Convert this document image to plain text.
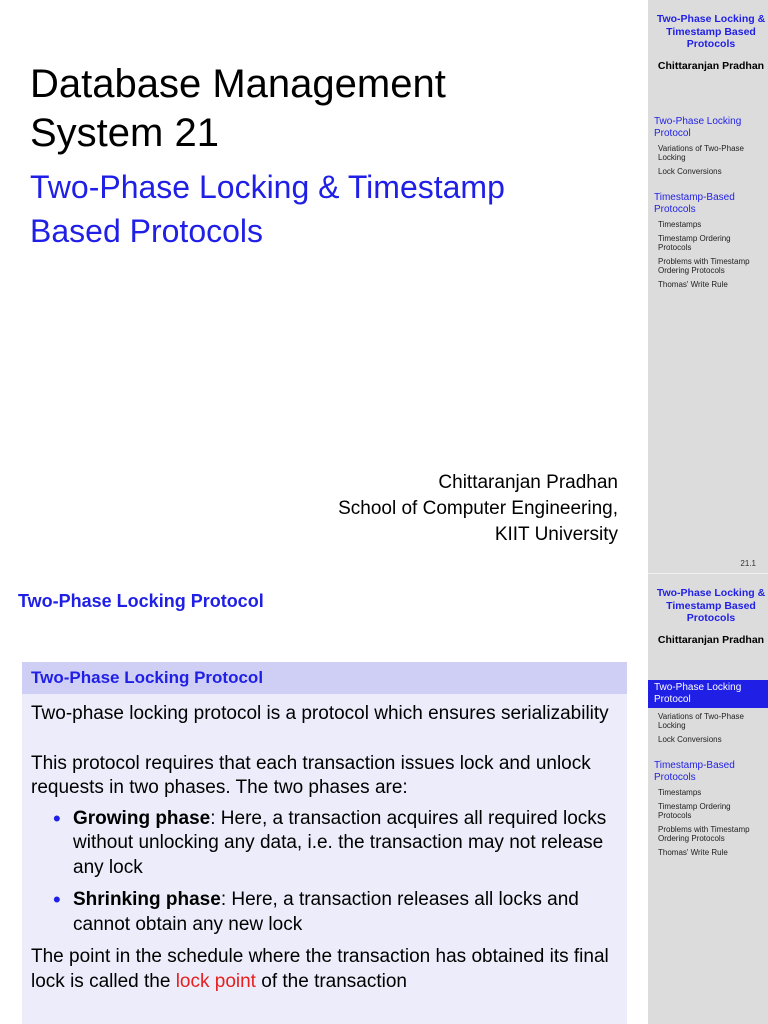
Database Management
System 21
Two-Phase Locking & Timestamp
Based Protocols
Chittaranjan Pradhan
School of Computer Engineering,
KIIT University
Two-Phase Locking &
Timestamp Based
Protocols
Chittaranjan Pradhan
Two-Phase Locking
Protocol
Variations of Two-Phase
Locking
Lock Conversions
Timestamp-Based
Protocols
Timestamps
Timestamp Ordering
Protocols
Problems with Timestamp
Ordering Protocols
Thomas' Write Rule
21.1
Two-Phase Locking &
Timestamp Based
Protocols
Chittaranjan Pradhan
Two-Phase Locking
Protocol
Variations of Two-Phase
Locking
Lock Conversions
Timestamp-Based
Protocols
Timestamps
Timestamp Ordering
Protocols
Problems with Timestamp
Ordering Protocols
Thomas' Write Rule
Two-Phase Locking Protocol
Two-Phase Locking Protocol

Two-phase locking protocol is a protocol which ensures serializability

This protocol requires that each transaction issues lock and unlock requests in two phases. The two phases are:

• Growing phase: Here, a transaction acquires all required locks without unlocking any data, i.e. the transaction may not release any lock
• Shrinking phase: Here, a transaction releases all locks and cannot obtain any new lock

The point in the schedule where the transaction has obtained its final lock is called the lock point of the transaction
